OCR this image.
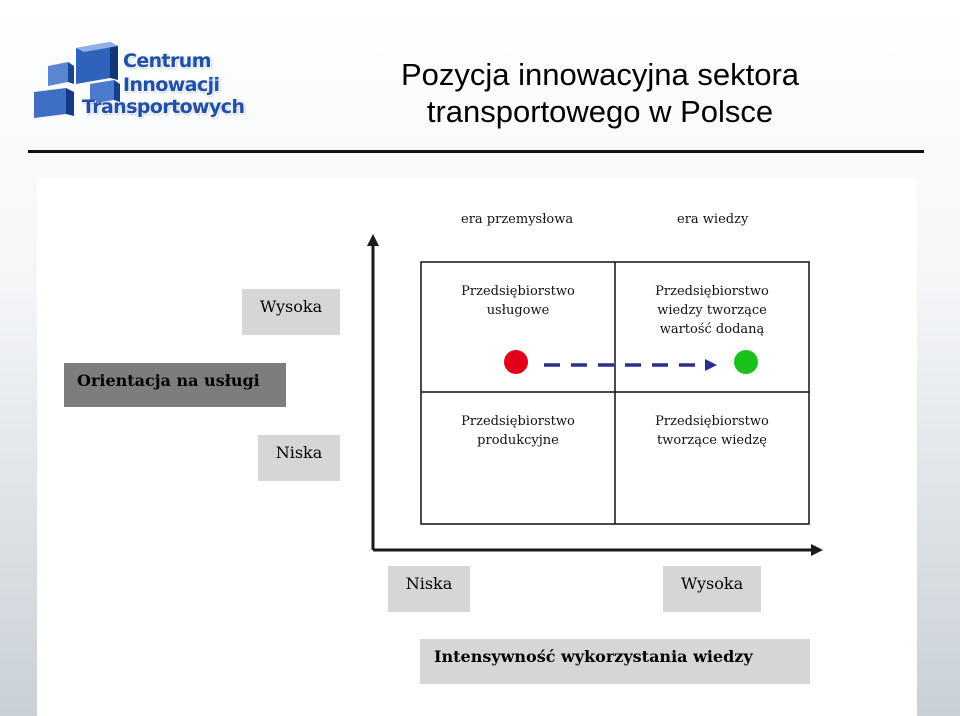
Centrum
Innowacji
Transportowych
Pozycja innowacyjna sektora
transportowego w Polsce
era przemysłowa	era wiedzy
Wysoka
Orientacja na usługi
Niska
Niska	Wysoka
Intensywność wykorzystania wiedzy
Przedsiębiorstwo
usługowe
Przedsiębiorstwo
wiedzy tworzące
wartość dodaną
Przedsiębiorstwo
produkcyjne
Przedsiębiorstwo
tworzące wiedzę
